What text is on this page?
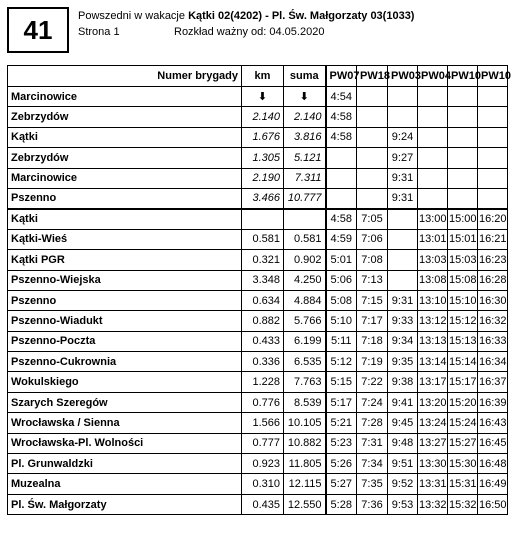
41	Powszedni w wakacje Kątki 02(4202) - Pl. Św. Małgorzaty 03(1033)
Strona 1	Rozkład ważny od: 04.05.2020
Numer brygady	km	suma	PW07	PW18	PW03	PW04	PW10	PW10
Marcinowice	⬇	⬇	4:54					
Zebrzydów	2.140	2.140	4:58					
Kątki	1.676	3.816	4:58		9:24			
Zebrzydów	1.305	5.121			9:27			
Marcinowice	2.190	7.311			9:31			
Pszenno	3.466	10.777			9:31			
Kątki			4:58	7:05		13:00	15:00	16:20
Kątki-Wieś	0.581	0.581	4:59	7:06		13:01	15:01	16:21
Kątki PGR	0.321	0.902	5:01	7:08		13:03	15:03	16:23
Pszenno-Wiejska	3.348	4.250	5:06	7:13		13:08	15:08	16:28
Pszenno	0.634	4.884	5:08	7:15	9:31	13:10	15:10	16:30
Pszenno-Wiadukt	0.882	5.766	5:10	7:17	9:33	13:12	15:12	16:32
Pszenno-Poczta	0.433	6.199	5:11	7:18	9:34	13:13	15:13	16:33
Pszenno-Cukrownia	0.336	6.535	5:12	7:19	9:35	13:14	15:14	16:34
Wokulskiego	1.228	7.763	5:15	7:22	9:38	13:17	15:17	16:37
Szarych Szeregów	0.776	8.539	5:17	7:24	9:41	13:20	15:20	16:39
Wrocławska / Sienna	1.566	10.105	5:21	7:28	9:45	13:24	15:24	16:43
Wrocławska-Pl. Wolności	0.777	10.882	5:23	7:31	9:48	13:27	15:27	16:45
Pl. Grunwaldzki	0.923	11.805	5:26	7:34	9:51	13:30	15:30	16:48
Muzealna	0.310	12.115	5:27	7:35	9:52	13:31	15:31	16:49
Pl. Św. Małgorzaty	0.435	12.550	5:28	7:36	9:53	13:32	15:32	16:50
